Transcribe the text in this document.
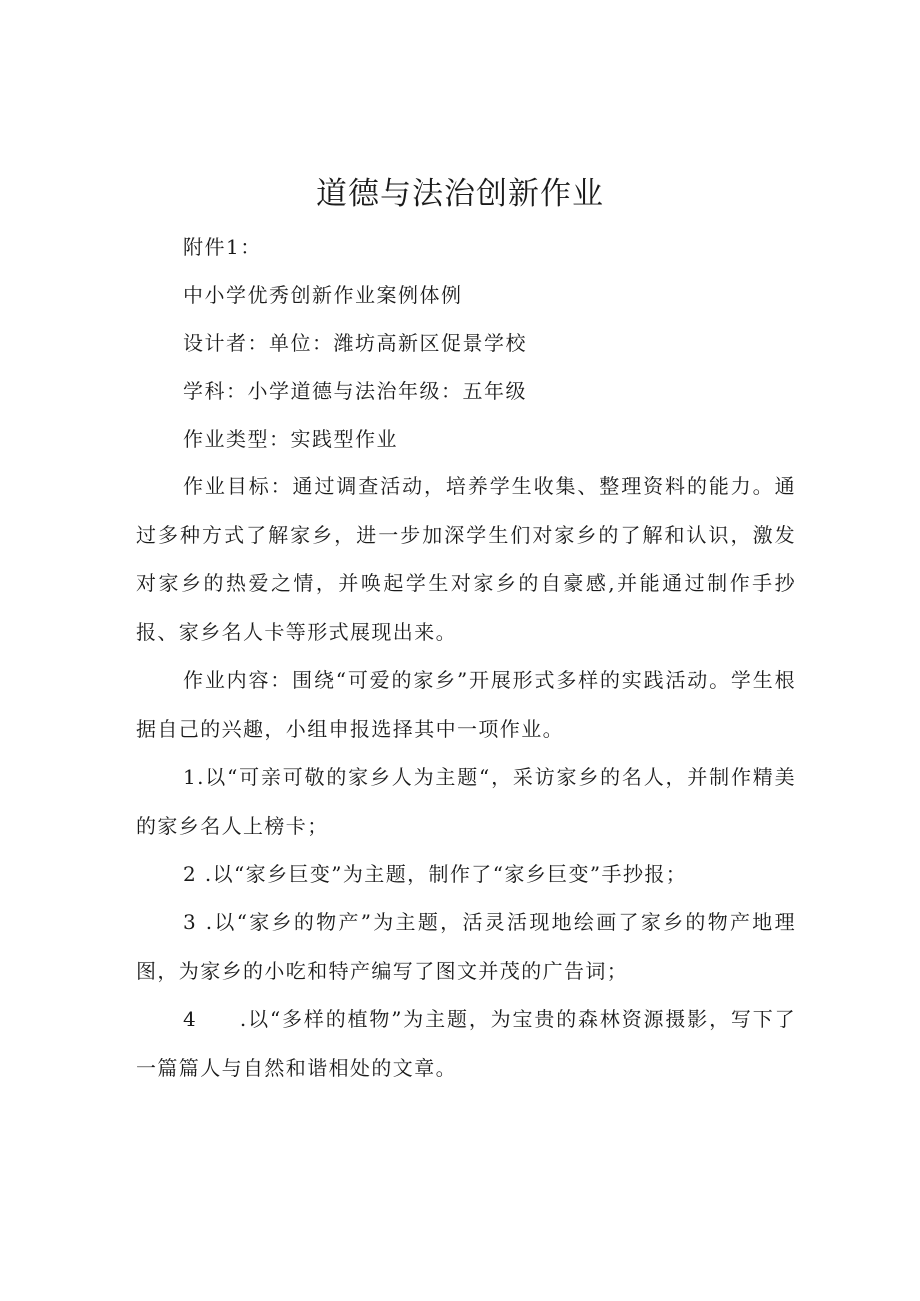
道德与法治创新作业
附件1：
中小学优秀创新作业案例体例
设计者：单位：潍坊高新区促景学校
学科：小学道德与法治年级：五年级
作业类型：实践型作业
作业目标：通过调查活动，培养学生收集、整理资料的能力。通过多种方式了解家乡，进一步加深学生们对家乡的了解和认识，激发对家乡的热爱之情，并唤起学生对家乡的自豪感,并能通过制作手抄报、家乡名人卡等形式展现出来。
作业内容：围绕“可爱的家乡”开展形式多样的实践活动。学生根据自己的兴趣，小组申报选择其中一项作业。
1.以“可亲可敬的家乡人为主题“，采访家乡的名人，并制作精美的家乡名人上榜卡；
2 .以“家乡巨变”为主题，制作了“家乡巨变”手抄报；
3 .以“家乡的物产”为主题，活灵活现地绘画了家乡的物产地理图，为家乡的小吃和特产编写了图文并茂的广告词；
4  .以“多样的植物”为主题，为宝贵的森林资源摄影，写下了一篇篇人与自然和谐相处的文章。
